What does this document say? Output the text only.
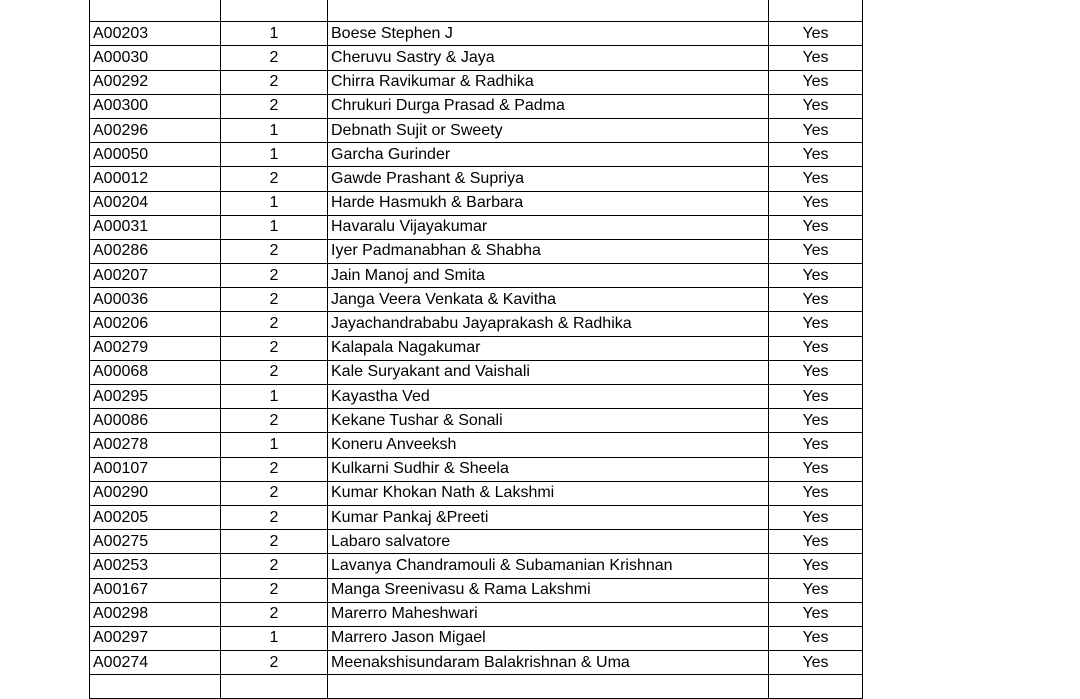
A00203	1	Boese Stephen J	Yes
A00030	2	Cheruvu Sastry & Jaya	Yes
A00292	2	Chirra Ravikumar & Radhika	Yes
A00300	2	Chrukuri Durga Prasad & Padma	Yes
A00296	1	Debnath Sujit or Sweety	Yes
A00050	1	Garcha Gurinder	Yes
A00012	2	Gawde Prashant & Supriya	Yes
A00204	1	Harde Hasmukh & Barbara	Yes
A00031	1	Havaralu Vijayakumar	Yes
A00286	2	Iyer Padmanabhan & Shabha	Yes
A00207	2	Jain Manoj and Smita	Yes
A00036	2	Janga Veera Venkata & Kavitha	Yes
A00206	2	Jayachandrababu Jayaprakash & Radhika	Yes
A00279	2	Kalapala Nagakumar	Yes
A00068	2	Kale Suryakant and Vaishali	Yes
A00295	1	Kayastha Ved	Yes
A00086	2	Kekane Tushar & Sonali	Yes
A00278	1	Koneru Anveeksh	Yes
A00107	2	Kulkarni Sudhir & Sheela	Yes
A00290	2	Kumar Khokan Nath & Lakshmi	Yes
A00205	2	Kumar Pankaj &Preeti	Yes
A00275	2	Labaro salvatore	Yes
A00253	2	Lavanya Chandramouli & Subamanian Krishnan	Yes
A00167	2	Manga Sreenivasu & Rama Lakshmi	Yes
A00298	2	Marerro Maheshwari	Yes
A00297	1	Marrero Jason Migael	Yes
A00274	2	Meenakshisundaram Balakrishnan & Uma	Yes
